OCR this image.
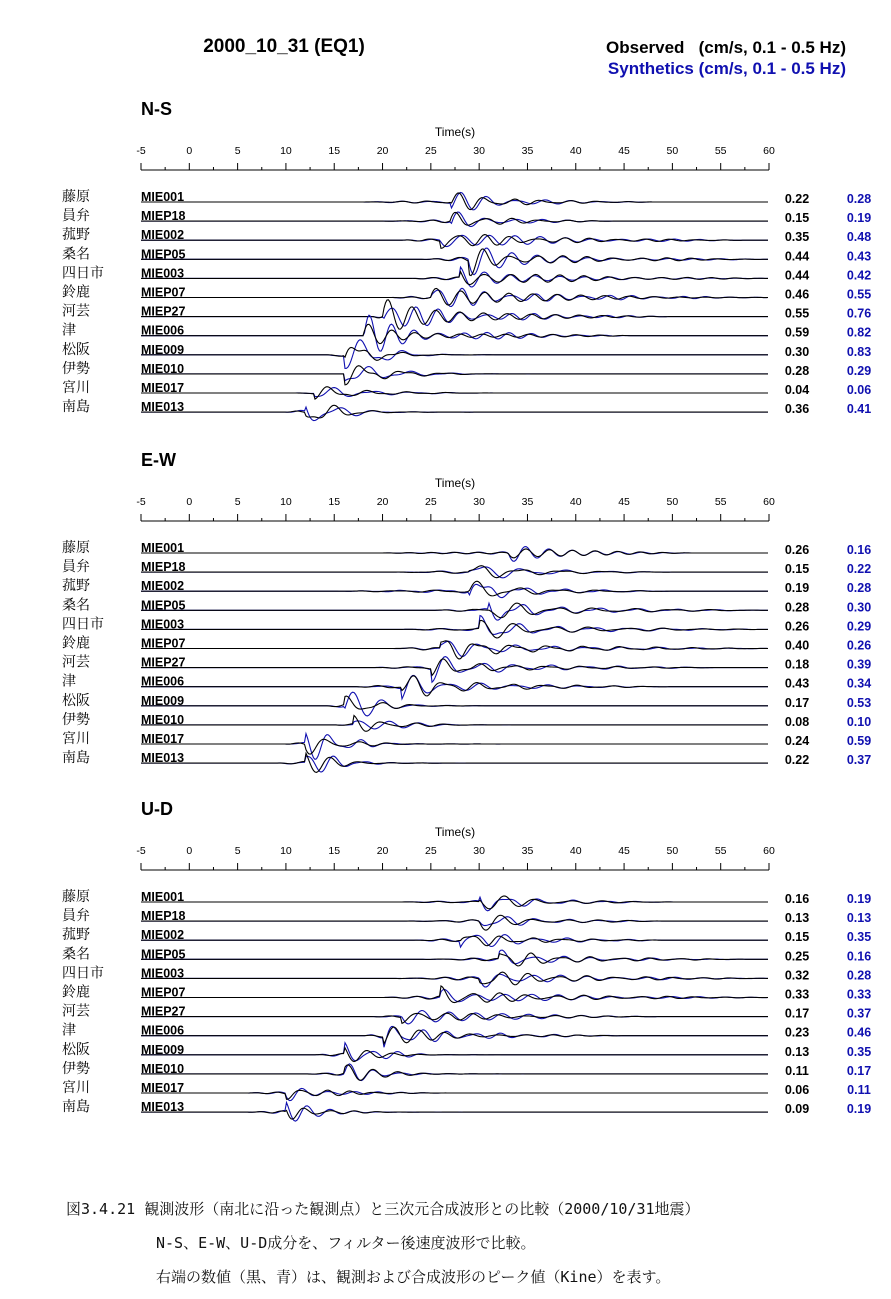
2000_10_31 (EQ1)	Observed   (cm/s, 0.1 - 0.5 Hz)
Synthetics (cm/s, 0.1 - 0.5 Hz)
N-S
Time(s)
-5	0	5	10	15	20	25	30	35	40	45	50	55	60
藤原	MIE001	0.22	0.28
員弁	MIEP18	0.15	0.19
菰野	MIE002	0.35	0.48
桑名	MIEP05	0.44	0.43
四日市	MIE003	0.44	0.42
鈴鹿	MIEP07	0.46	0.55
河芸	MIEP27	0.55	0.76
津	MIE006	0.59	0.82
松阪	MIE009	0.30	0.83
伊勢	MIE010	0.28	0.29
宮川	MIE017	0.04	0.06
南島	MIE013	0.36	0.41
E-W
Time(s)
-5	0	5	10	15	20	25	30	35	40	45	50	55	60
藤原	MIE001	0.26	0.16
員弁	MIEP18	0.15	0.22
菰野	MIE002	0.19	0.28
桑名	MIEP05	0.28	0.30
四日市	MIE003	0.26	0.29
鈴鹿	MIEP07	0.40	0.26
河芸	MIEP27	0.18	0.39
津	MIE006	0.43	0.34
松阪	MIE009	0.17	0.53
伊勢	MIE010	0.08	0.10
宮川	MIE017	0.24	0.59
南島	MIE013	0.22	0.37
U-D
Time(s)
-5	0	5	10	15	20	25	30	35	40	45	50	55	60
藤原	MIE001	0.16	0.19
員弁	MIEP18	0.13	0.13
菰野	MIE002	0.15	0.35
桑名	MIEP05	0.25	0.16
四日市	MIE003	0.32	0.28
鈴鹿	MIEP07	0.33	0.33
河芸	MIEP27	0.17	0.37
津	MIE006	0.23	0.46
松阪	MIE009	0.13	0.35
伊勢	MIE010	0.11	0.17
宮川	MIE017	0.06	0.11
南島	MIE013	0.09	0.19
図3.4.21 観測波形（南北に沿った観測点）と三次元合成波形との比較（2000/10/31地震）
N-S、E-W、U-D成分を、フィルター後速度波形で比較。
右端の数値（黒、青）は、観測および合成波形のピーク値（Kine）を表す。
